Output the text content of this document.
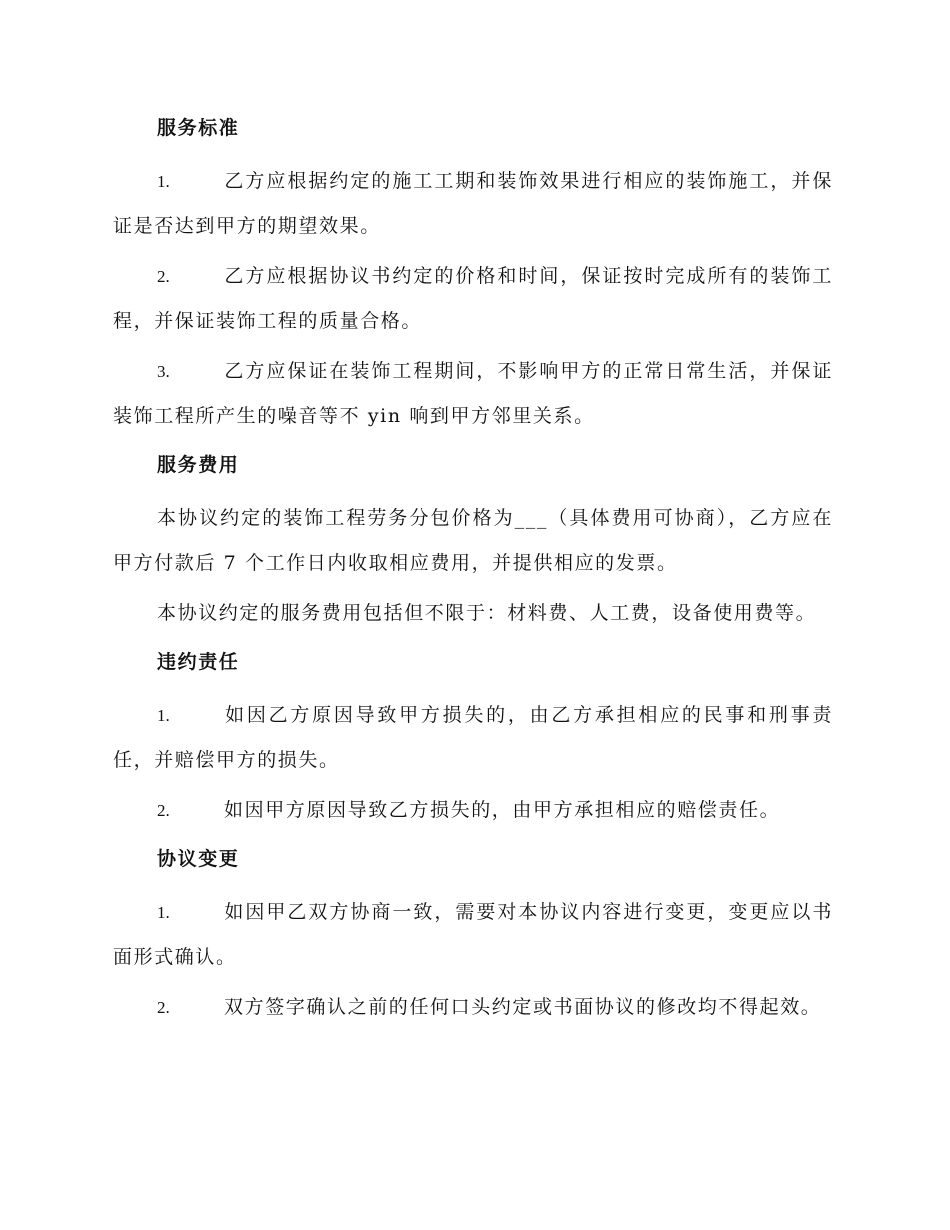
服务标准

1.	乙方应根据约定的施工工期和装饰效果进行相应的装饰施工，并保证是否达到甲方的期望效果。

2.	乙方应根据协议书约定的价格和时间，保证按时完成所有的装饰工程，并保证装饰工程的质量合格。

3.	乙方应保证在装饰工程期间，不影响甲方的正常日常生活，并保证装饰工程所产生的噪音等不 yin 响到甲方邻里关系。

服务费用

本协议约定的装饰工程劳务分包价格为___（具体费用可协商），乙方应在甲方付款后 7 个工作日内收取相应费用，并提供相应的发票。

本协议约定的服务费用包括但不限于：材料费、人工费，设备使用费等。

违约责任

1.	如因乙方原因导致甲方损失的，由乙方承担相应的民事和刑事责任，并赔偿甲方的损失。

2.	如因甲方原因导致乙方损失的，由甲方承担相应的赔偿责任。

协议变更

1.	如因甲乙双方协商一致，需要对本协议内容进行变更，变更应以书面形式确认。

2.	双方签字确认之前的任何口头约定或书面协议的修改均不得起效。
